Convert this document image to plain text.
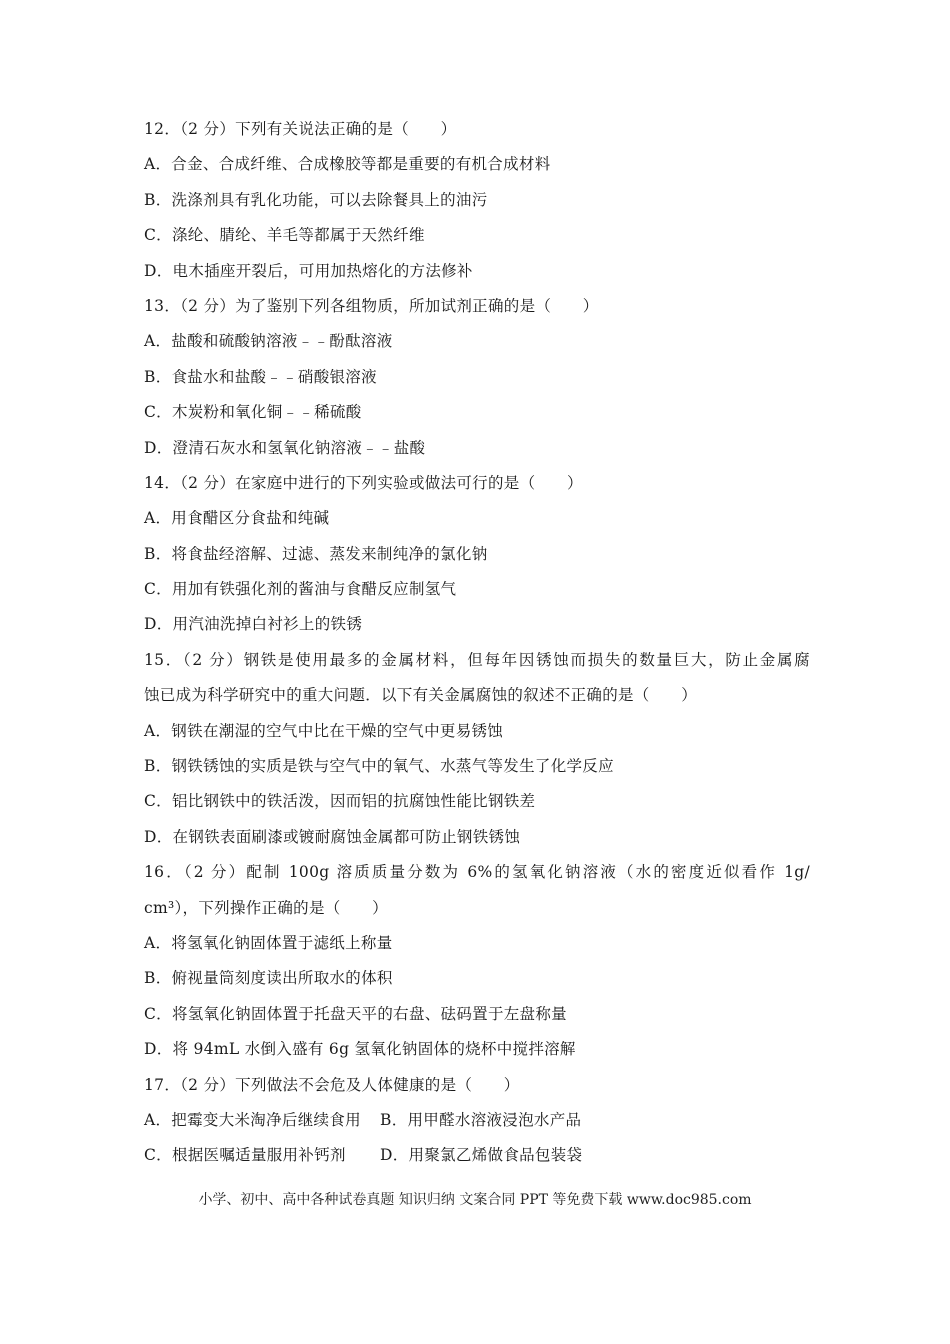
12．（2 分）下列有关说法正确的是（　　）
A．合金、合成纤维、合成橡胶等都是重要的有机合成材料
B．洗涤剂具有乳化功能，可以去除餐具上的油污
C．涤纶、腈纶、羊毛等都属于天然纤维
D．电木插座开裂后，可用加热熔化的方法修补
13．（2 分）为了鉴别下列各组物质，所加试剂正确的是（　　）
A．盐酸和硫酸钠溶液﹣﹣酚酞溶液
B．食盐水和盐酸﹣﹣硝酸银溶液
C．木炭粉和氧化铜﹣﹣稀硫酸
D．澄清石灰水和氢氧化钠溶液﹣﹣盐酸
14．（2 分）在家庭中进行的下列实验或做法可行的是（　　）
A．用食醋区分食盐和纯碱
B．将食盐经溶解、过滤、蒸发来制纯净的氯化钠
C．用加有铁强化剂的酱油与食醋反应制氢气
D．用汽油洗掉白衬衫上的铁锈
15．（2 分）钢铁是使用最多的金属材料，但每年因锈蚀而损失的数量巨大，防止金属腐
蚀已成为科学研究中的重大问题．以下有关金属腐蚀的叙述不正确的是（　　）
A．钢铁在潮湿的空气中比在干燥的空气中更易锈蚀
B．钢铁锈蚀的实质是铁与空气中的氧气、水蒸气等发生了化学反应
C．铝比钢铁中的铁活泼，因而铝的抗腐蚀性能比钢铁差
D．在钢铁表面刷漆或镀耐腐蚀金属都可防止钢铁锈蚀
16．（2 分）配制 100g 溶质质量分数为 6%的氢氧化钠溶液（水的密度近似看作 1g/
cm³），下列操作正确的是（　　）
A．将氢氧化钠固体置于滤纸上称量
B．俯视量筒刻度读出所取水的体积
C．将氢氧化钠固体置于托盘天平的右盘、砝码置于左盘称量
D．将 94mL 水倒入盛有 6g 氢氧化钠固体的烧杯中搅拌溶解
17．（2 分）下列做法不会危及人体健康的是（　　）
A．把霉变大米淘净后继续食用	B．用甲醛水溶液浸泡水产品
C．根据医嘱适量服用补钙剂	D．用聚氯乙烯做食品包装袋
小学、初中、高中各种试卷真题 知识归纳 文案合同 PPT 等免费下载 www.doc985.com
